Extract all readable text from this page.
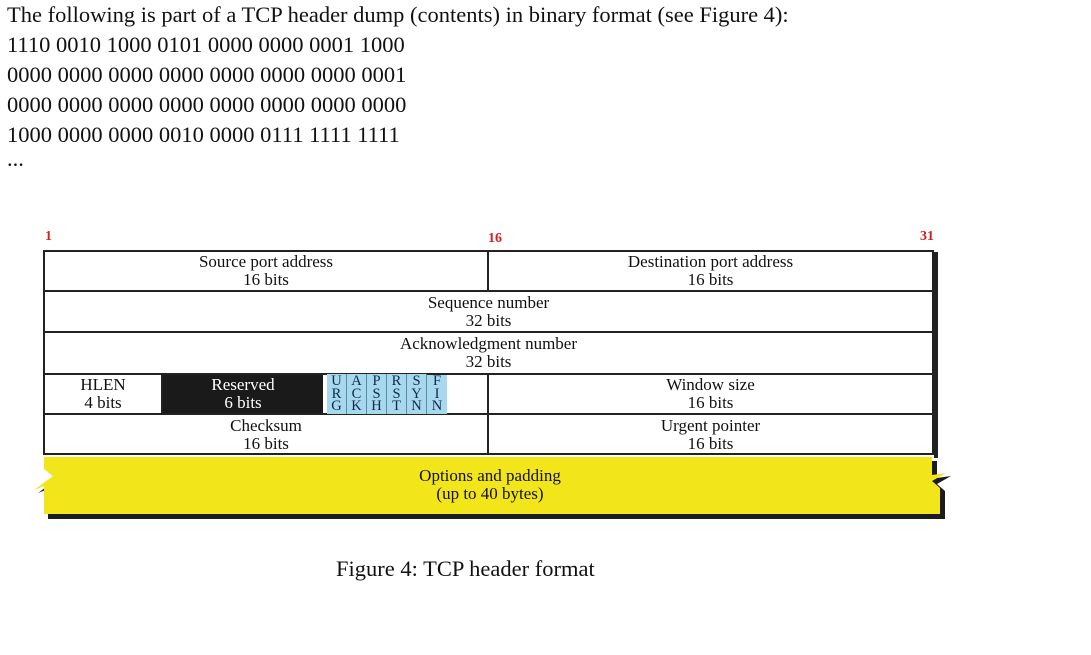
The following is part of a TCP header dump (contents) in binary format (see Figure 4):
1110 0010 1000 0101 0000 0000 0001 1000
0000 0000 0000 0000 0000 0000 0000 0001
0000 0000 0000 0000 0000 0000 0000 0000
1000 0000 0000 0010 0000 0111 1111 1111
...
1	16	31
Source port address
16 bits
Destination port address
16 bits
Sequence number
32 bits
Acknowledgment number
32 bits
HLEN
4 bits
Reserved
6 bits
U
R
G
A
C
K
P
S
H
R
S
T
S
Y
N
F
I
N
Window size
16 bits
Checksum
16 bits
Urgent pointer
16 bits
Options and padding
(up to 40 bytes)
Figure 4: TCP header format
